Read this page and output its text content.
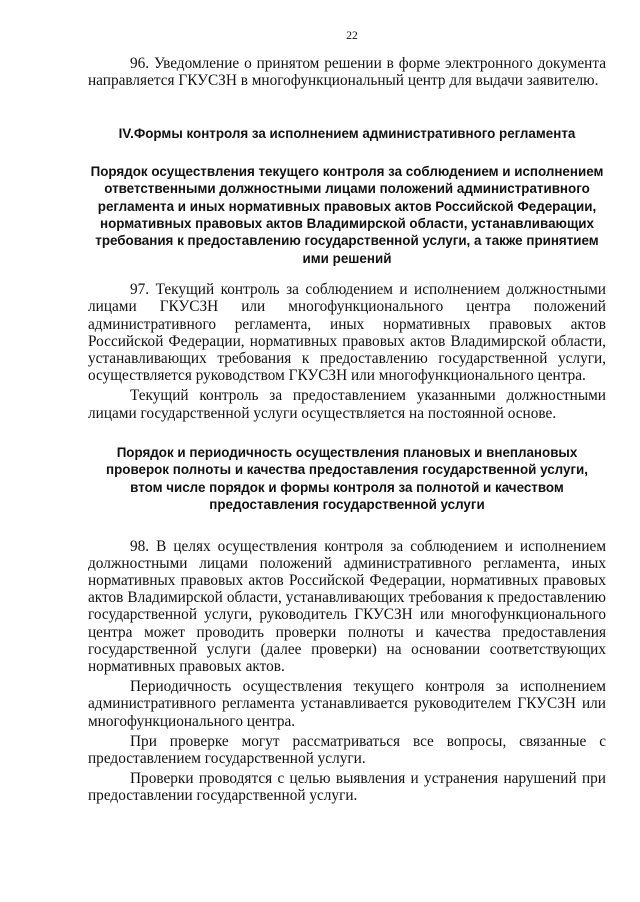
22

96. Уведомление о принятом решении в форме электронного документа направляется ГКУСЗН в многофункциональный центр для выдачи заявителю.

IV.Формы контроля за исполнением административного регламента
Порядок осуществления текущего контроля за соблюдением и исполнением ответственными должностными лицами положений административного регламента и иных нормативных правовых актов Российской Федерации, нормативных правовых актов Владимирской области, устанавливающих требования к предоставлению государственной услуги, а также принятием ими решений

97. Текущий контроль за соблюдением и исполнением должностными лицами ГКУСЗН или многофункционального центра положений административного регламента, иных нормативных правовых актов Российской Федерации, нормативных правовых актов Владимирской области, устанавливающих требования к предоставлению государственной услуги, осуществляется руководством ГКУСЗН или многофункционального центра.

Текущий контроль за предоставлением указанными должностными лицами государственной услуги осуществляется на постоянной основе.

Порядок и периодичность осуществления плановых и внеплановых проверок полноты и качества предоставления государственной услуги, втом числе порядок и формы контроля за полнотой и качеством предоставления государственной услуги

98. В целях осуществления контроля за соблюдением и исполнением должностными лицами положений административного регламента, иных нормативных правовых актов Российской Федерации, нормативных правовых актов Владимирской области, устанавливающих требования к предоставлению государственной услуги, руководитель ГКУСЗН или многофункционального центра может проводить проверки полноты и качества предоставления государственной услуги (далее проверки) на основании соответствующих нормативных правовых актов.

Периодичность осуществления текущего контроля за исполнением административного регламента устанавливается руководителем ГКУСЗН или многофункционального центра.

При проверке могут рассматриваться все вопросы, связанные с предоставлением государственной услуги.

Проверки проводятся с целью выявления и устранения нарушений при предоставлении государственной услуги.
